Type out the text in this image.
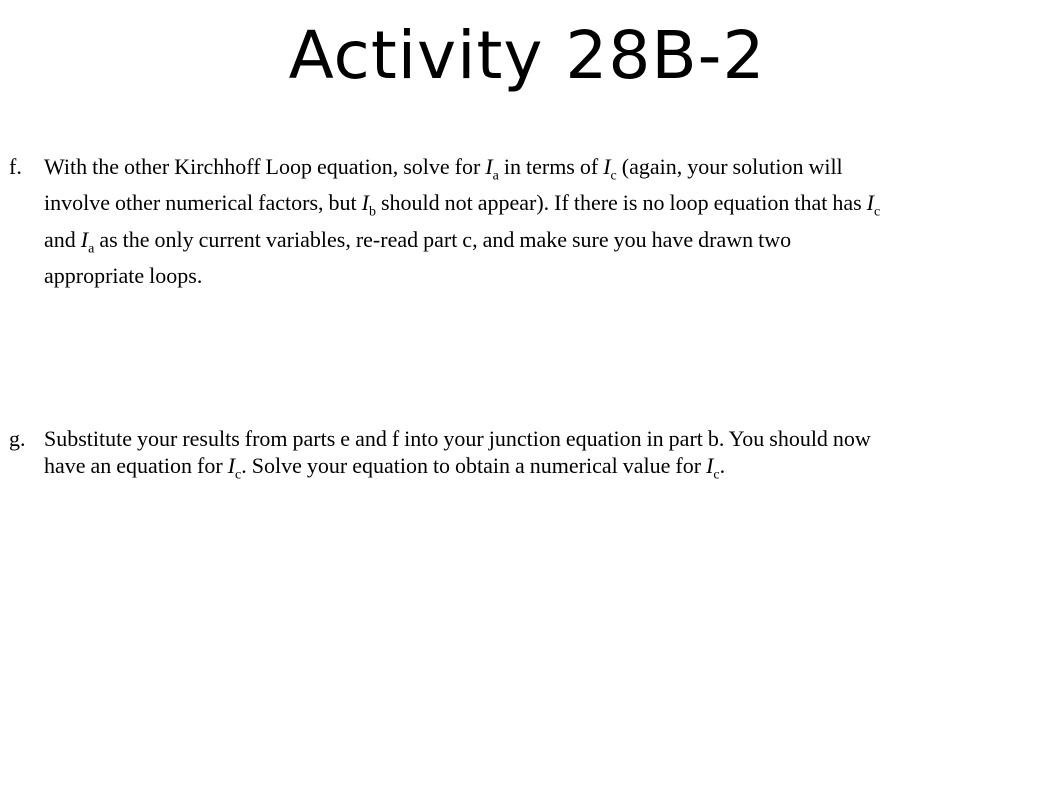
Activity 28B-2
f. With the other Kirchhoff Loop equation, solve for $I_a$ in terms of $I_c$ (again, your solution will
involve other numerical factors, but $I_b$ should not appear). If there is no loop equation that has $I_c$
and $I_a$ as the only current variables, re-read part c, and make sure you have drawn two
appropriate loops.
g. Substitute your results from parts e and f into your junction equation in part b. You should now
have an equation for $I_c$. Solve your equation to obtain a numerical value for $I_c$.
